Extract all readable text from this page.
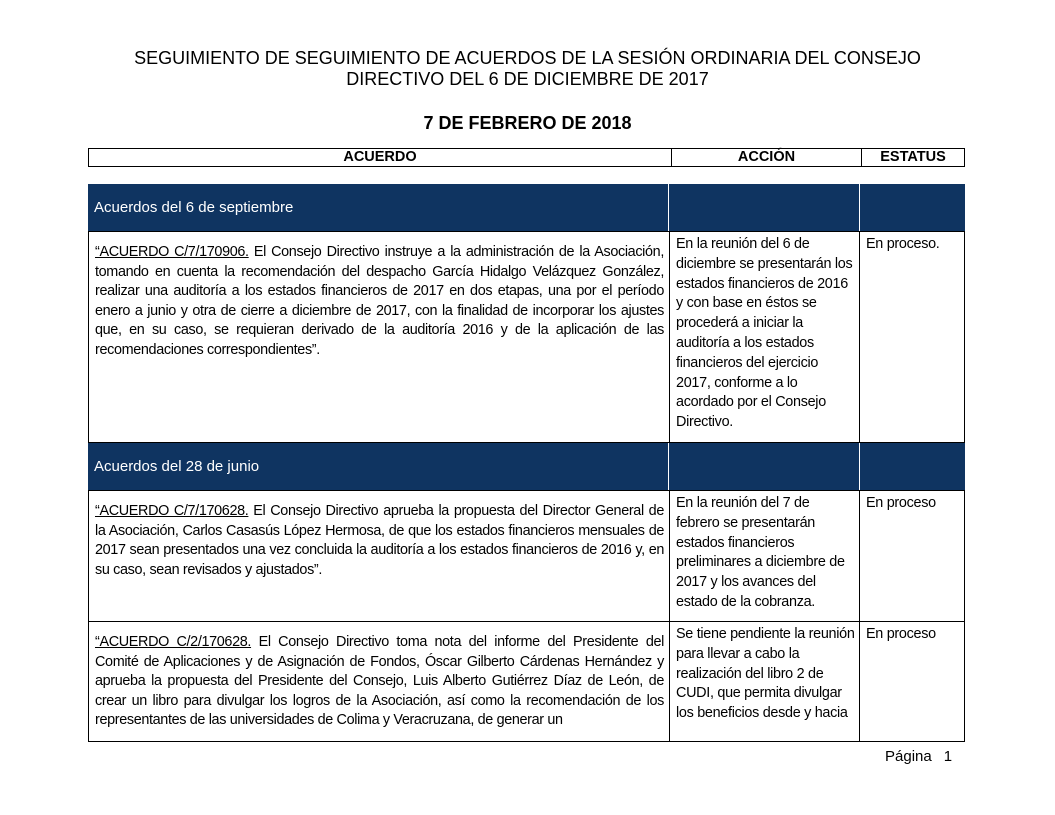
SEGUIMIENTO DE SEGUIMIENTO DE ACUERDOS DE LA SESIÓN ORDINARIA DEL CONSEJO
DIRECTIVO DEL 6 DE DICIEMBRE DE 2017
7 DE FEBRERO DE 2018
ACUERDO	ACCIÓN	ESTATUS
Acuerdos del 6 de septiembre
“ACUERDO C/7/170906. El Consejo Directivo instruye a la administración de la Asociación, tomando en cuenta la recomendación del despacho García Hidalgo Velázquez González, realizar una auditoría a los estados financieros de 2017 en dos etapas, una por el período enero a junio y otra de cierre a diciembre de 2017, con la finalidad de incorporar los ajustes que, en su caso, se requieran derivado de la auditoría 2016 y de la aplicación de las recomendaciones correspondientes”.
En la reunión del 6 de diciembre se presentarán los estados financieros de 2016 y con base en éstos se procederá a iniciar la auditoría a los estados financieros del ejercicio 2017, conforme a lo acordado por el Consejo Directivo.
En proceso.
Acuerdos del 28 de junio
“ACUERDO C/7/170628. El Consejo Directivo aprueba la propuesta del Director General de la Asociación, Carlos Casasús López Hermosa, de que los estados financieros mensuales de 2017 sean presentados una vez concluida la auditoría a los estados financieros de 2016 y, en su caso, sean revisados y ajustados”.
En la reunión del 7 de febrero se presentarán estados financieros preliminares a diciembre de 2017 y los avances del estado de la cobranza.
En proceso
“ACUERDO C/2/170628. El Consejo Directivo toma nota del informe del Presidente del Comité de Aplicaciones y de Asignación de Fondos, Óscar Gilberto Cárdenas Hernández y aprueba la propuesta del Presidente del Consejo, Luis Alberto Gutiérrez Díaz de León, de crear un libro para divulgar los logros de la Asociación, así como la recomendación de los representantes de las universidades de Colima y Veracruzana, de generar un
Se tiene pendiente la reunión para llevar a cabo la realización del libro 2 de CUDI, que permita divulgar los beneficios desde y hacia
En proceso
Página 1
